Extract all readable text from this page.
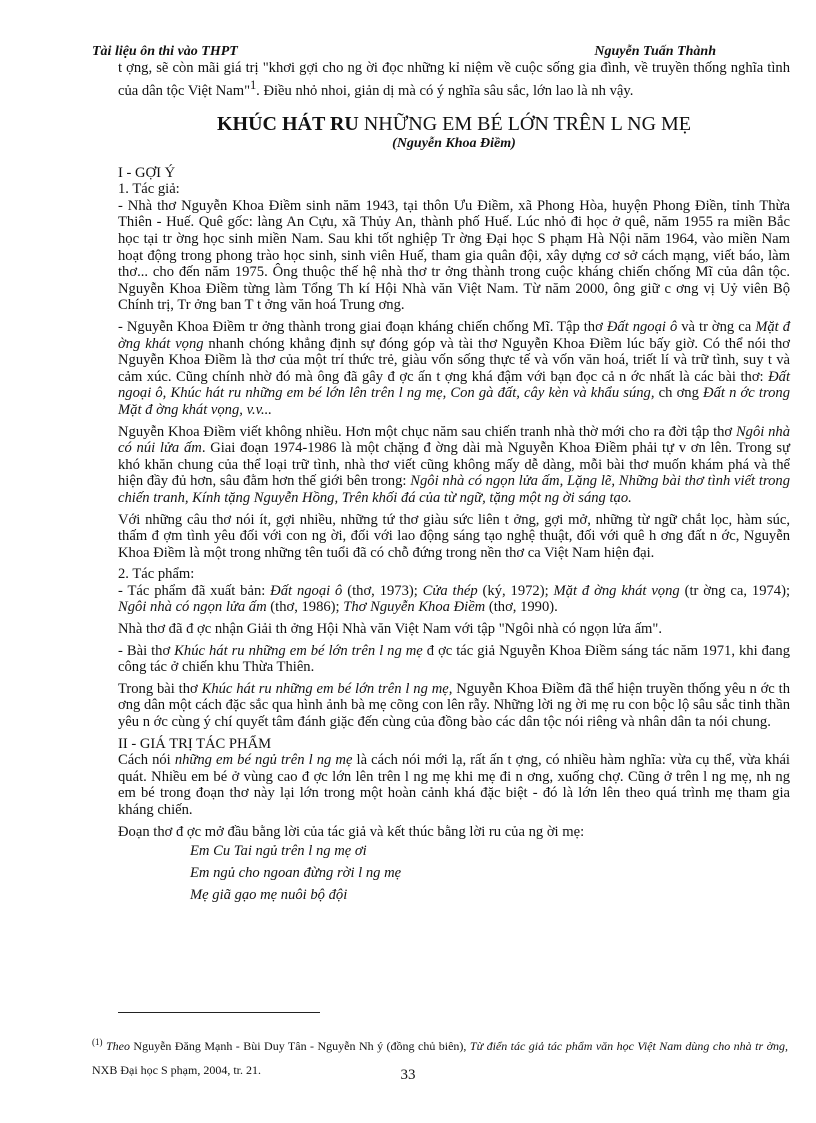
Tài liệu ôn thi vào THPT	Nguyễn Tuấn Thành

t ợng, sẽ còn mãi giá trị "khơi gợi cho ng ời đọc những kỉ niệm về cuộc sống gia đình, về truyền thống nghĩa tình của dân tộc Việt Nam"$^1$. Điều nhỏ nhoi, giản dị mà có ý nghĩa sâu sắc, lớn lao là nh vậy.

KHÚC HÁT RU NHỮNG EM BÉ LỚN TRÊN L NG MẸ
(Nguyễn Khoa Điềm)

I - GỢI Ý

1. Tác giả:

- Nhà thơ Nguyễn Khoa Điềm sinh năm 1943, tại thôn Ưu Điềm, xã Phong Hòa, huyện Phong Điền, tỉnh Thừa Thiên - Huế. Quê gốc: làng An Cựu, xã Thủy An, thành phố Huế. Lúc nhỏ đi học ở quê, năm 1955 ra miền Bắc học tại tr ờng học sinh miền Nam. Sau khi tốt nghiệp Tr ờng Đại học S phạm Hà Nội năm 1964, vào miền Nam hoạt động trong phong trào học sinh, sinh viên Huế, tham gia quân đội, xây dựng cơ sở cách mạng, viết báo, làm thơ... cho đến năm 1975. Ông thuộc thế hệ nhà thơ tr ởng thành trong cuộc kháng chiến chống Mĩ của dân tộc. Nguyễn Khoa Điềm từng làm Tổng Th kí Hội Nhà văn Việt Nam. Từ năm 2000, ông giữ c ơng vị Uỷ viên Bộ Chính trị, Tr ởng ban T t ởng văn hoá Trung ơng.

- Nguyễn Khoa Điềm tr ởng thành trong giai đoạn kháng chiến chống Mĩ. Tập thơ Đất ngoại ô và tr ờng ca Mặt đ ờng khát vọng nhanh chóng khẳng định sự đóng góp và tài thơ Nguyễn Khoa Điềm lúc bấy giờ. Có thể nói thơ Nguyễn Khoa Điềm là thơ của một trí thức trẻ, giàu vốn sống thực tế và vốn văn hoá, triết lí và trữ tình, suy t và cảm xúc. Cũng chính nhờ đó mà ông đã gây đ ợc ấn t ợng khá đậm với bạn đọc cả n ớc nhất là các bài thơ: Đất ngoại ô, Khúc hát ru những em bé lớn lên trên l ng mẹ, Con gà đất, cây kèn và khẩu súng, ch ơng Đất n ớc trong Mặt đ ờng khát vọng, v.v...

Nguyễn Khoa Điềm viết không nhiều. Hơn một chục năm sau chiến tranh nhà thờ mới cho ra đời tập thơ Ngôi nhà có núi lửa ấm. Giai đoạn 1974-1986 là một chặng đ ờng dài mà Nguyễn Khoa Điềm phải tự v ơn lên. Trong sự khó khăn chung của thể loại trữ tình, nhà thơ viết cũng không mấy dễ dàng, mỗi bài thơ muốn khám phá và thể hiện đầy đủ hơn, sâu đằm hơn thế giới bên trong: Ngôi nhà có ngọn lửa ấm, Lặng lẽ, Những bài thơ tình viết trong chiến tranh, Kính tặng Nguyễn Hồng, Trên khối đá của từ ngữ, tặng một ng ời sáng tạo.

Với những câu thơ nói ít, gợi nhiều, những tứ thơ giàu sức liên t ởng, gợi mở, những từ ngữ chắt lọc, hàm súc, thấm đ ợm tình yêu đối với con ng ời, đối với lao động sáng tạo nghệ thuật, đối với quê h ơng đất n ớc, Nguyễn Khoa Điềm là một trong những tên tuổi đã có chỗ đứng trong nền thơ ca Việt Nam hiện đại.

2. Tác phẩm:

- Tác phẩm đã xuất bản: Đất ngoại ô (thơ, 1973); Cửa thép (ký, 1972); Mặt đ ờng khát vọng (tr ờng ca, 1974); Ngôi nhà có ngọn lửa ấm (thơ, 1986); Thơ Nguyễn Khoa Điềm (thơ, 1990).

Nhà thơ đã đ ợc nhận Giải th ởng Hội Nhà văn Việt Nam với tập "Ngôi nhà có ngọn lửa ấm".

- Bài thơ Khúc hát ru những em bé lớn trên l ng mẹ đ ợc tác giả Nguyễn Khoa Điềm sáng tác năm 1971, khi đang công tác ở chiến khu Thừa Thiên.

Trong bài thơ Khúc hát ru những em bé lớn trên l ng mẹ, Nguyễn Khoa Điềm đã thể hiện truyền thống yêu n ớc th ơng dân một cách đặc sắc qua hình ảnh bà mẹ cõng con lên rẫy. Những lời ng ời mẹ ru con bộc lộ sâu sắc tinh thần yêu n ớc cùng ý chí quyết tâm đánh giặc đến cùng của đồng bào các dân tộc nói riêng và nhân dân ta nói chung.

II - GIÁ TRỊ TÁC PHẨM

Cách nói những em bé ngủ trên l ng mẹ là cách nói mới lạ, rất ấn t ợng, có nhiều hàm nghĩa: vừa cụ thể, vừa khái quát. Nhiều em bé ở vùng cao đ ợc lớn lên trên l ng mẹ khi mẹ đi n ơng, xuống chợ. Cũng ở trên l ng mẹ, nh ng em bé trong đoạn thơ này lại lớn trong một hoàn cảnh khá đặc biệt - đó là lớn lên theo quá trình mẹ tham gia kháng chiến.

Đoạn thơ đ ợc mở đầu bằng lời của tác giả và kết thúc bằng lời ru của ng ời mẹ:

Em Cu Tai ngủ trên l ng mẹ ơi
Em ngủ cho ngoan đừng rời l ng mẹ
Mẹ giã gạo mẹ nuôi bộ đội
$^{(1)}$ Theo Nguyễn Đăng Mạnh - Bùi Duy Tân - Nguyễn Nh ý (đồng chủ biên), Từ điển tác giả tác phẩm văn học Việt Nam dùng cho nhà tr ờng, NXB Đại học S phạm, 2004, tr. 21.	33
